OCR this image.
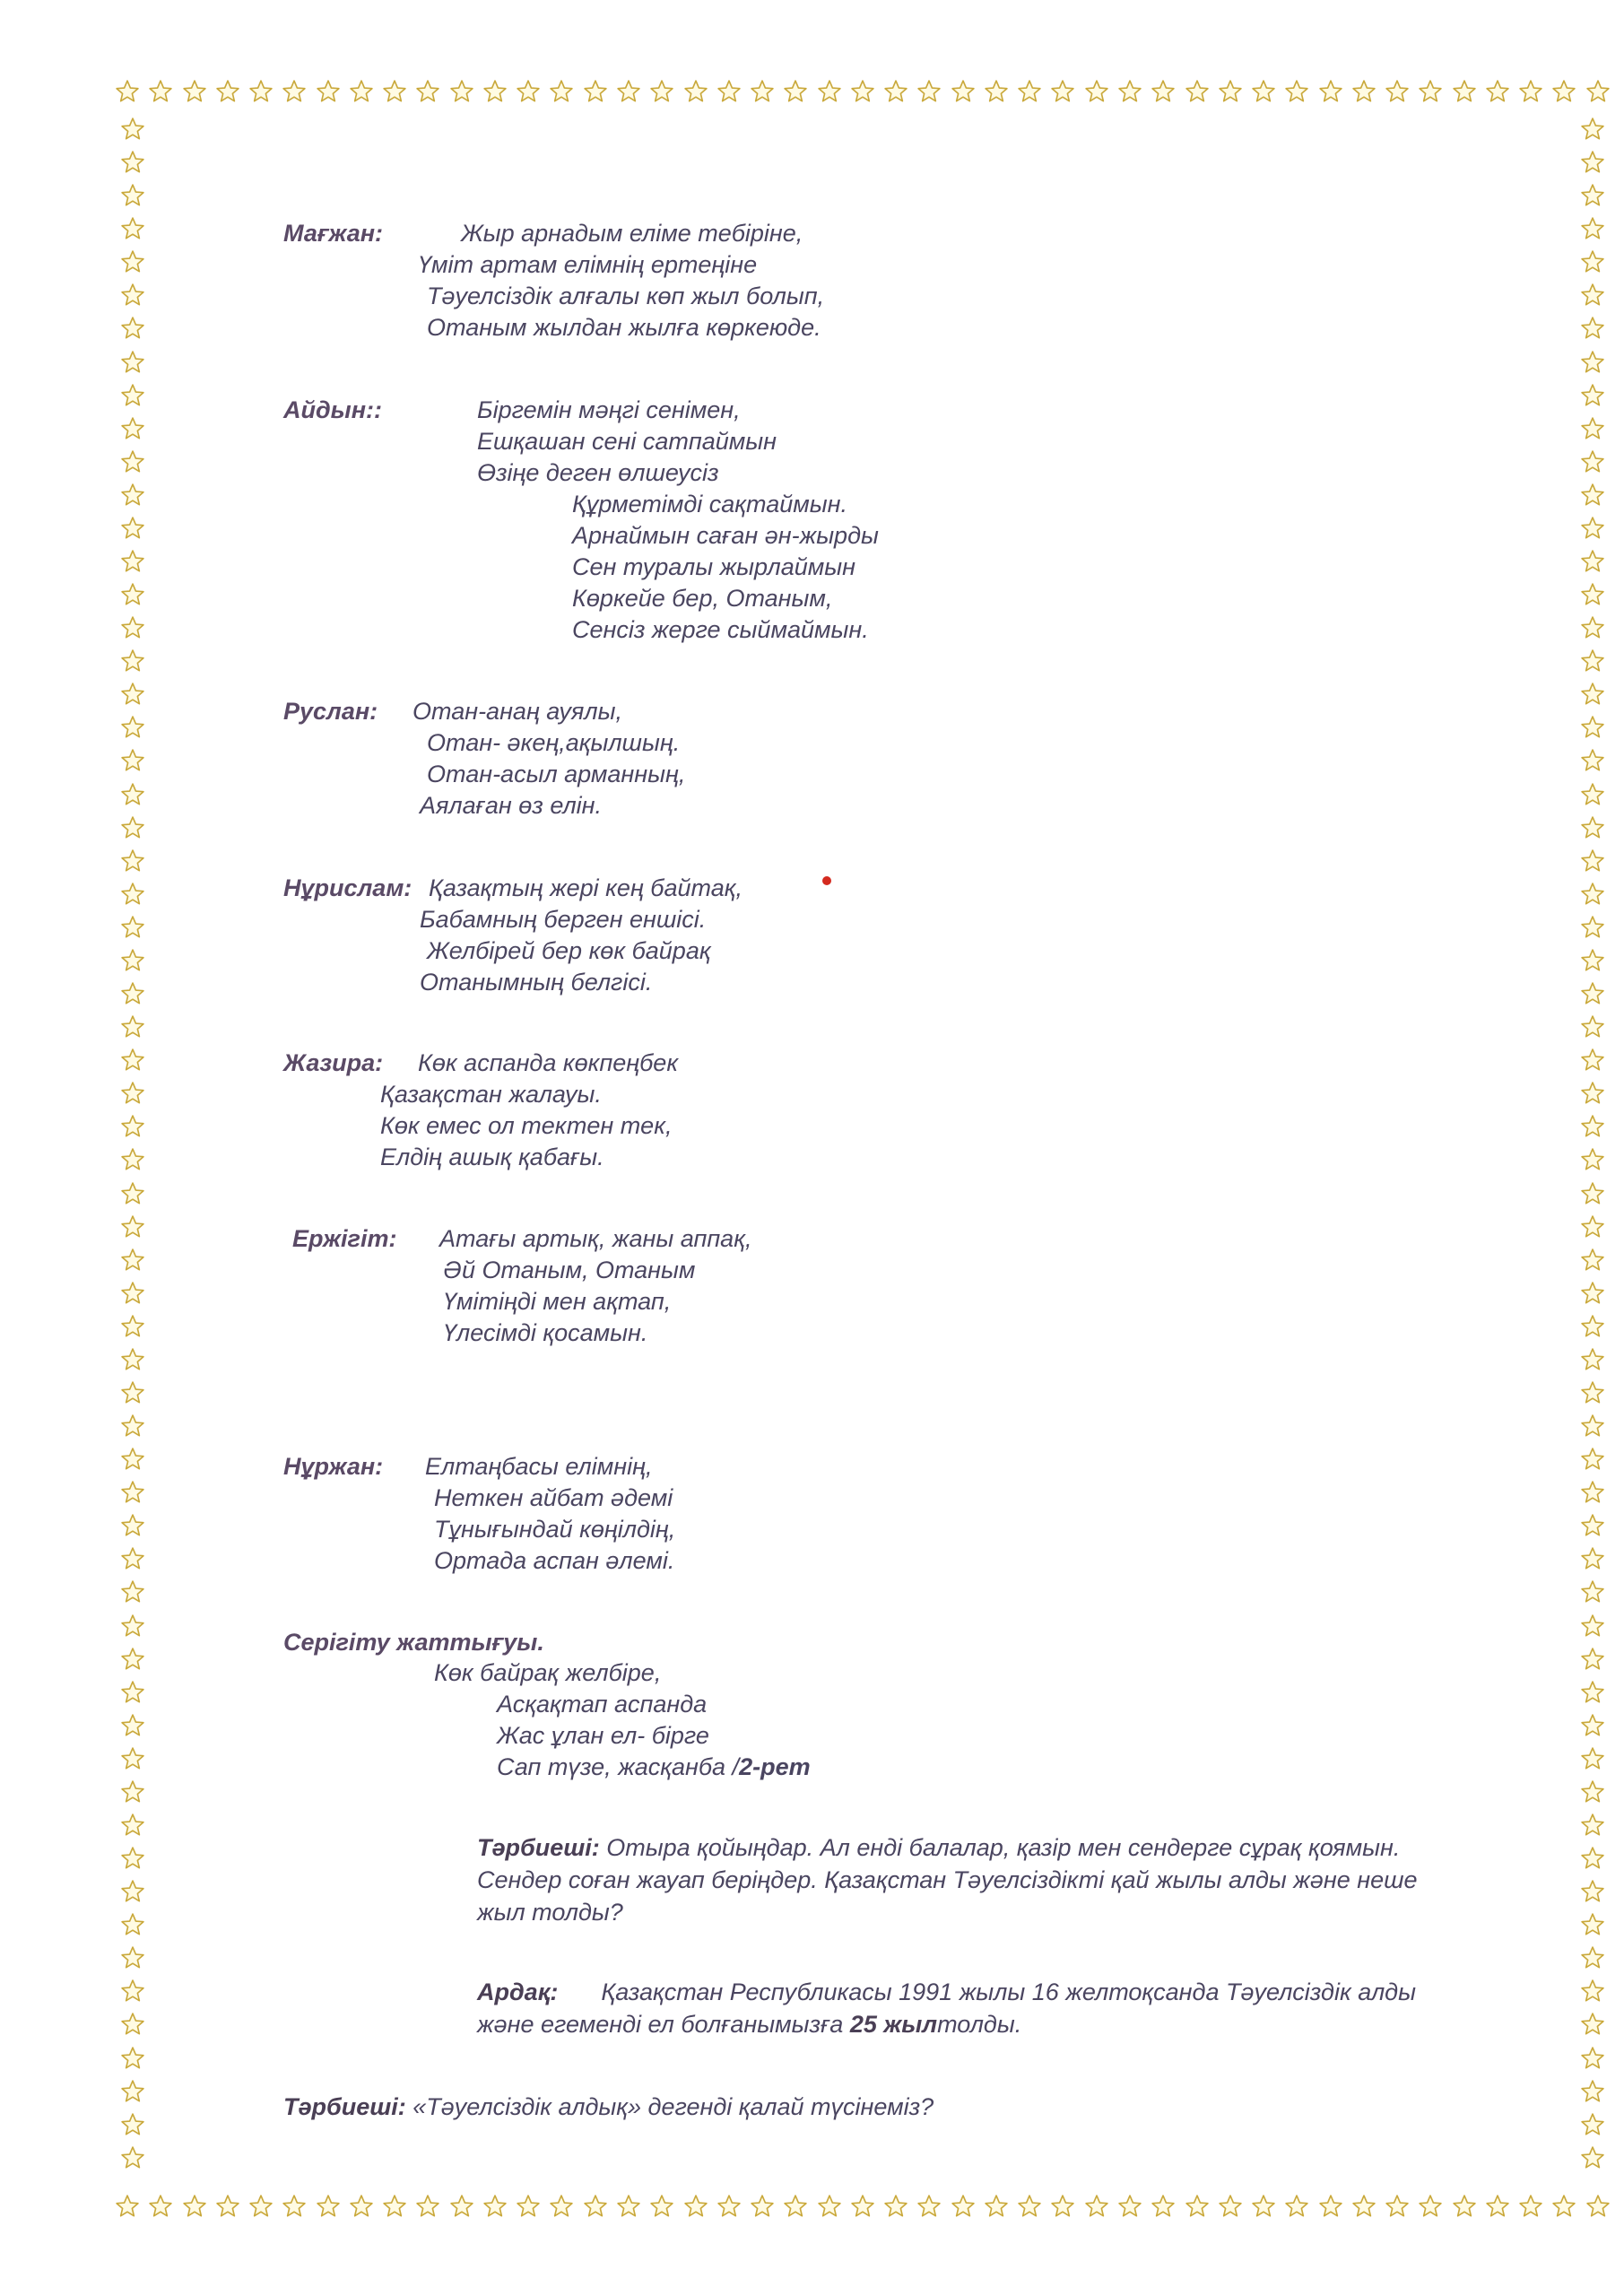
Мағжан:	Жыр арнадым еліме тебіріне,
Үміт артам елімнің ертеңіне
Тәуелсіздік алғалы көп жыл болып,
Отаным жылдан жылға көркеюде.
Айдын::	Біргемін мәңгі сенімен,
Ешқашан сені сатпаймын
Өзіңе деген өлшеусіз
Құрметімді сақтаймын.
Арнаймын саған ән-жырды
Сен туралы жырлаймын
Көркейе бер, Отаным,
Сенсіз жерге сыймаймын.
Руслан: Отан-анаң ауялы,
Отан- әкең,ақылшың.
Отан-асыл арманның,
Аялаған өз елін.
Нұрислам: Қазақтың жері кең байтақ,
Бабамның берген еншісі.
Желбірей бер көк байрақ
Отанымның белгісі.
Жазира: Көк аспанда көкпеңбек
Қазақстан жалауы.
Көк емес ол тектен тек,
Елдің ашық қабағы.
Ержігіт: Атағы артық, жаны аппақ,
Әй Отаным, Отаным
Үмітіңді мен ақтап,
Үлесімді қосамын.
Нұржан: Елтаңбасы елімнің,
Неткен айбат әдемі
Тұнығындай көңілдің,
Ортада аспан әлемі.
Серігіту жаттығуы.
Көк байрақ желбіре,
Асқақтап аспанда
Жас ұлан ел- бірге
Сап түзе, жасқанба /2-рет
Тәрбиеші: Отыра қойыңдар. Ал енді балалар, қазір мен сендерге сұрақ қоямын.
Сендер соған жауап беріңдер. Қазақстан Тәуелсіздікті қай жылы алды және неше
жыл толды?
Ардақ: Қазақстан Республикасы 1991 жылы 16 желтоқсанда Тәуелсіздік алды
және егеменді ел болғанымызға 25 жылтолды.
Тәрбиеші: «Тәуелсіздік алдық» дегенді қалай түсінеміз?
